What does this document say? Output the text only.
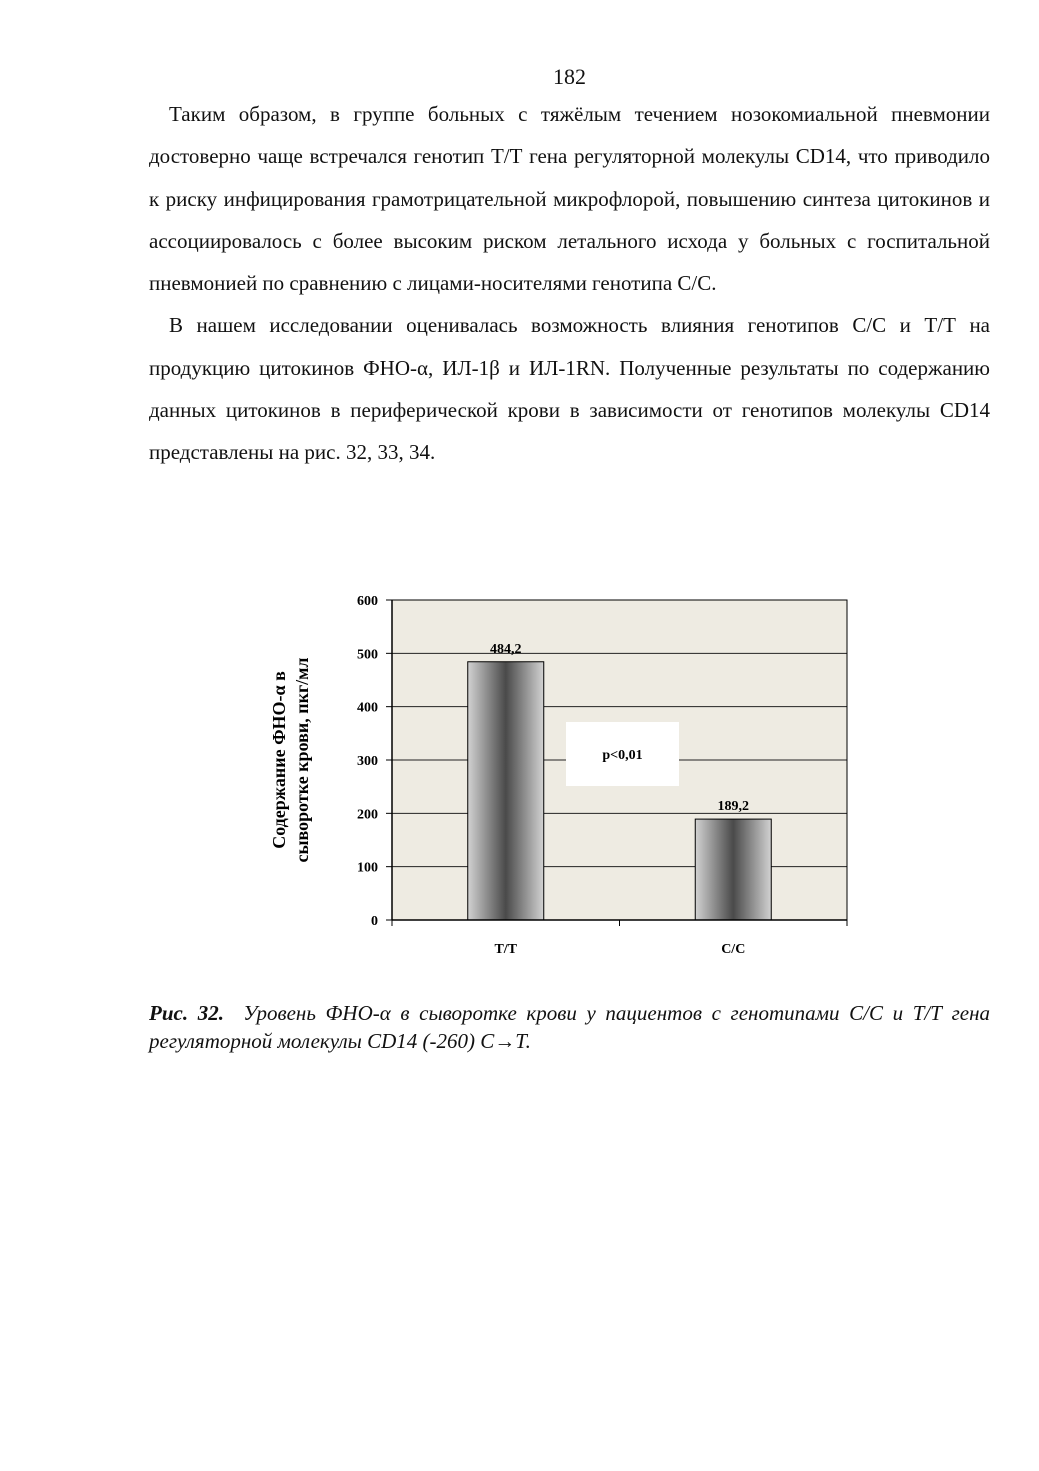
182

Таким образом, в группе больных с тяжёлым течением нозокомиальной пневмонии достоверно чаще встречался генотип Т/Т гена регуляторной молекулы CD14, что приводило к риску инфицирования грамотрицательной микрофлорой, повышению синтеза цитокинов и ассоциировалось с более высоким риском летального исхода у больных с госпитальной пневмонией по сравнению с лицами-носителями генотипа С/С.

В нашем исследовании оценивалась возможность влияния генотипов С/С и Т/Т на продукцию цитокинов ФНО-α, ИЛ-1β и ИЛ-1RN. Полученные результаты по содержанию данных цитокинов в периферической крови в зависимости от генотипов молекулы CD14 представлены на рис. 32, 33, 34.

0
100
200
300
400
500
600
484,2
T/T
189,2
C/C
p<0,01
Содержание ФНО-α в сыворотке крови, пкг/мл
Рис. 32. Уровень ФНО-α в сыворотке крови у пациентов с генотипами С/С и Т/Т гена регуляторной молекулы CD14 (-260) С→Т.
